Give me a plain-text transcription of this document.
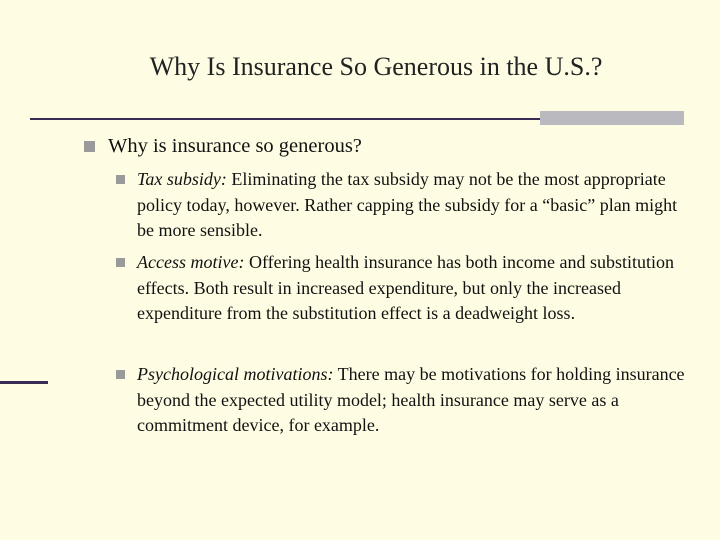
Why Is Insurance So Generous in the U.S.?
Why is insurance so generous?
Tax subsidy: Eliminating the tax subsidy may not be the most appropriate policy today, however. Rather capping the subsidy for a “basic” plan might be more sensible.
Access motive: Offering health insurance has both income and substitution effects. Both result in increased expenditure, but only the increased expenditure from the substitution effect is a deadweight loss.
Psychological motivations: There may be motivations for holding insurance beyond the expected utility model; health insurance may serve as a commitment device, for example.
